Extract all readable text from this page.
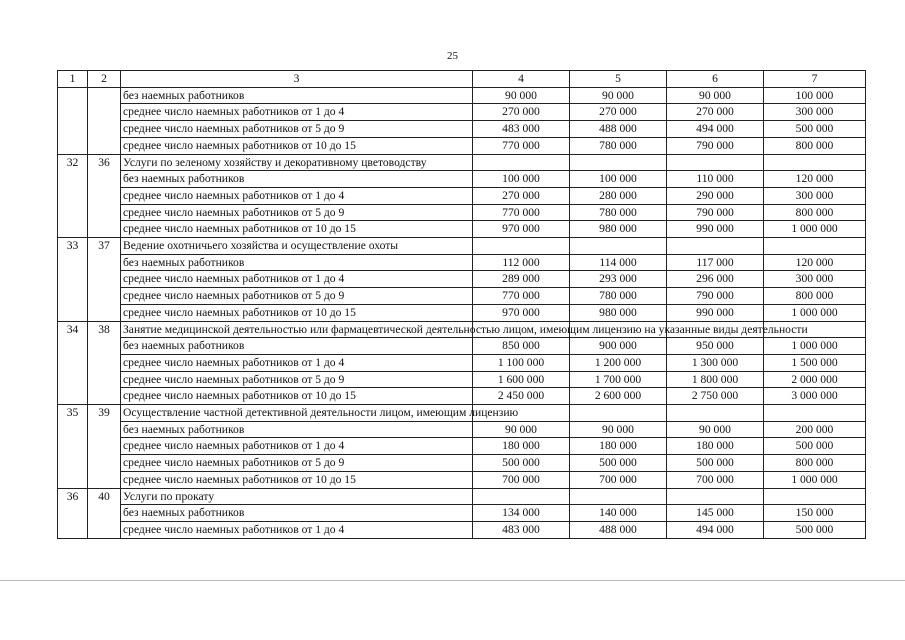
25
1	2	3	4	5	6	7
		без наемных работников	90 000	90 000	90 000	100 000
		среднее число наемных работников от 1 до 4	270 000	270 000	270 000	300 000
		среднее число наемных работников от 5 до 9	483 000	488 000	494 000	500 000
		среднее число наемных работников от 10 до 15	770 000	780 000	790 000	800 000
32	36	Услуги по зеленому хозяйству и декоративному цветоводству				
		без наемных работников	100 000	100 000	110 000	120 000
		среднее число наемных работников от 1 до 4	270 000	280 000	290 000	300 000
		среднее число наемных работников от 5 до 9	770 000	780 000	790 000	800 000
		среднее число наемных работников от 10 до 15	970 000	980 000	990 000	1 000 000
33	37	Ведение охотничьего хозяйства и осуществление охоты				
		без наемных работников	112 000	114 000	117 000	120 000
		среднее число наемных работников от 1 до 4	289 000	293 000	296 000	300 000
		среднее число наемных работников от 5 до 9	770 000	780 000	790 000	800 000
		среднее число наемных работников от 10 до 15	970 000	980 000	990 000	1 000 000
34	38	Занятие медицинской деятельностью или фармацевтической деятельностью лицом, имеющим лицензию на указанные виды деятельности				
		без наемных работников	850 000	900 000	950 000	1 000 000
		среднее число наемных работников от 1 до 4	1 100 000	1 200 000	1 300 000	1 500 000
		среднее число наемных работников от 5 до 9	1 600 000	1 700 000	1 800 000	2 000 000
		среднее число наемных работников от 10 до 15	2 450 000	2 600 000	2 750 000	3 000 000
35	39	Осуществление частной детективной деятельности лицом, имеющим лицензию				
		без наемных работников	90 000	90 000	90 000	200 000
		среднее число наемных работников от 1 до 4	180 000	180 000	180 000	500 000
		среднее число наемных работников от 5 до 9	500 000	500 000	500 000	800 000
		среднее число наемных работников от 10 до 15	700 000	700 000	700 000	1 000 000
36	40	Услуги по прокату				
		без наемных работников	134 000	140 000	145 000	150 000
		среднее число наемных работников от 1 до 4	483 000	488 000	494 000	500 000
